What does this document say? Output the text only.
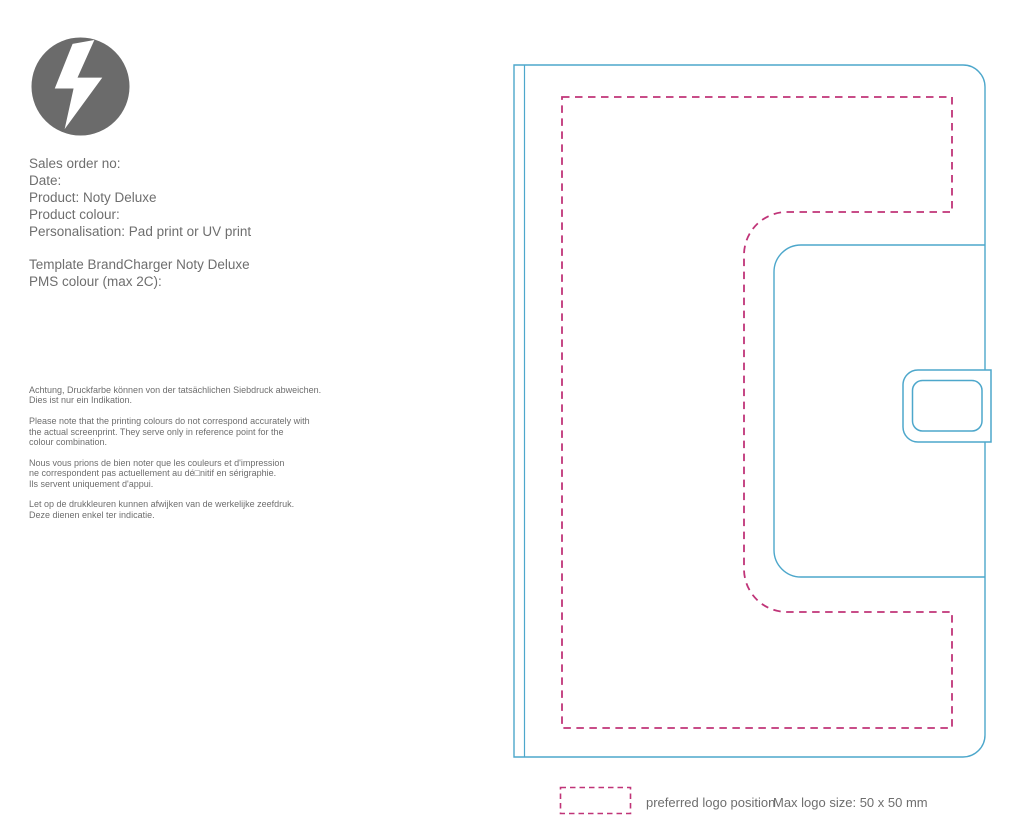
Sales order no:
Date:
Product: Noty Deluxe
Product colour:
Personalisation: Pad print or UV print
Template BrandCharger Noty Deluxe
PMS colour (max 2C):
Achtung, Druckfarbe können von der tatsächlichen Siebdruck abweichen.
Dies ist nur ein Indikation.
Please note that the printing colours do not correspond accurately with
the actual screenprint. They serve only in reference point for the
colour combination.
Nous vous prions de bien noter que les couleurs et d'impression
ne correspondent pas actuellement au dé□nitif en sérigraphie.
Ils servent uniquement d'appui.
Let op de drukkleuren kunnen afwijken van de werkelijke zeefdruk.
Deze dienen enkel ter indicatie.
preferred logo position
Max logo size: 50 x 50 mm
